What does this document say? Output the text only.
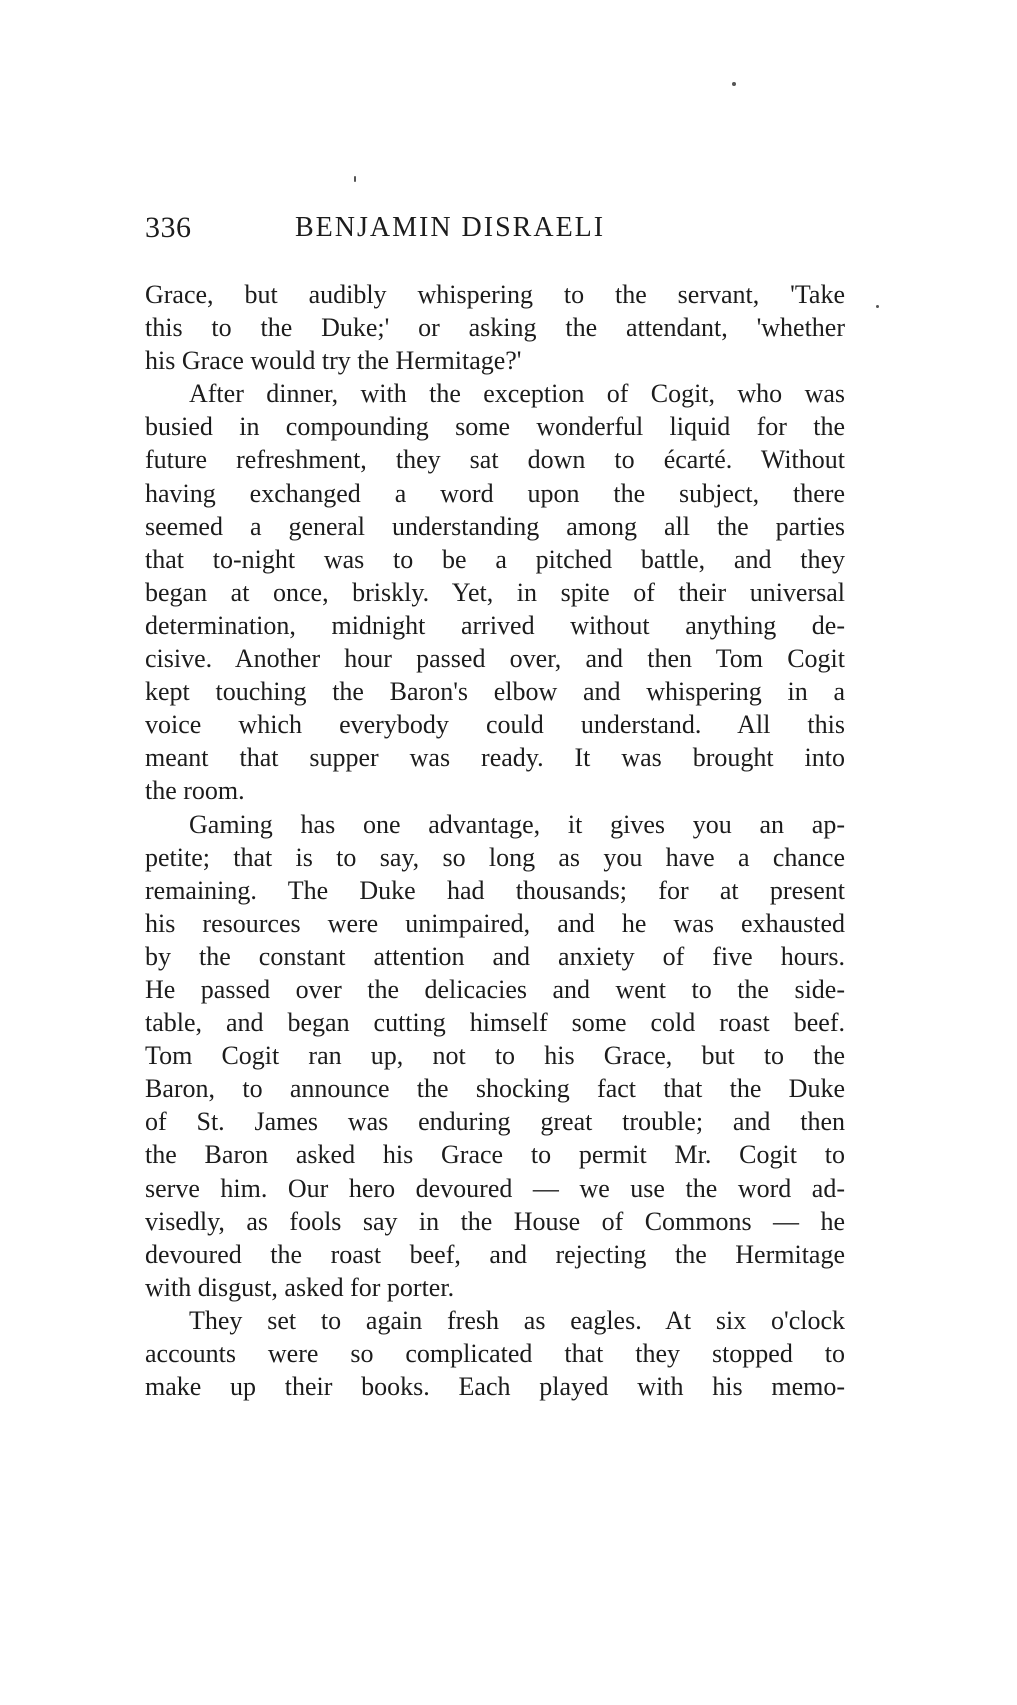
336	BENJAMIN DISRAELI

Grace, but audibly whispering to the servant, 'Take
this to the Duke;' or asking the attendant, 'whether
his Grace would try the Hermitage?'

After dinner, with the exception of Cogit, who was
busied in compounding some wonderful liquid for the
future refreshment, they sat down to écarté. Without
having exchanged a word upon the subject, there
seemed a general understanding among all the parties
that to-night was to be a pitched battle, and they
began at once, briskly. Yet, in spite of their universal
determination, midnight arrived without anything de-
cisive. Another hour passed over, and then Tom Cogit
kept touching the Baron's elbow and whispering in a
voice which everybody could understand. All this
meant that supper was ready. It was brought into
the room.

Gaming has one advantage, it gives you an ap-
petite; that is to say, so long as you have a chance
remaining. The Duke had thousands; for at present
his resources were unimpaired, and he was exhausted
by the constant attention and anxiety of five hours.
He passed over the delicacies and went to the side-
table, and began cutting himself some cold roast beef.
Tom Cogit ran up, not to his Grace, but to the
Baron, to announce the shocking fact that the Duke
of St. James was enduring great trouble; and then
the Baron asked his Grace to permit Mr. Cogit to
serve him. Our hero devoured — we use the word ad-
visedly, as fools say in the House of Commons — he
devoured the roast beef, and rejecting the Hermitage
with disgust, asked for porter.

They set to again fresh as eagles. At six o'clock
accounts were so complicated that they stopped to
make up their books. Each played with his memo-
